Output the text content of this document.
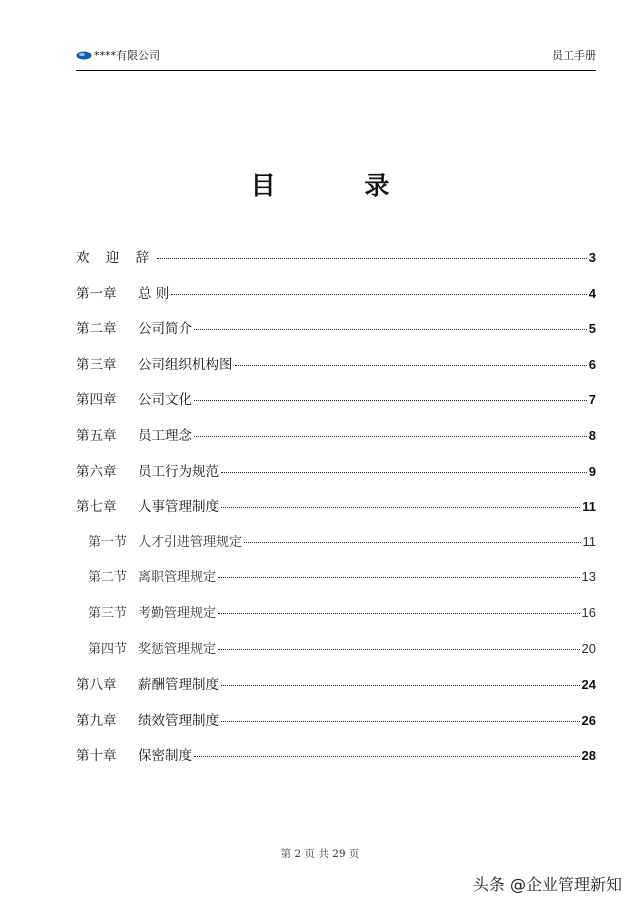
****有限公司	员工手册
目 录
欢 迎 辞	3
第一章	总 则	4
第二章	公司简介	5
第三章	公司组织机构图	6
第四章	公司文化	7
第五章	员工理念	8
第六章	员工行为规范	9
第七章	人事管理制度	11
第一节 人才引进管理规定	11
第二节 离职管理规定	13
第三节 考勤管理规定	16
第四节 奖惩管理规定	20
第八章	薪酬管理制度	24
第九章	绩效管理制度	26
第十章	保密制度	28
第 2 页 共 29 页
头条 @企业管理新知
